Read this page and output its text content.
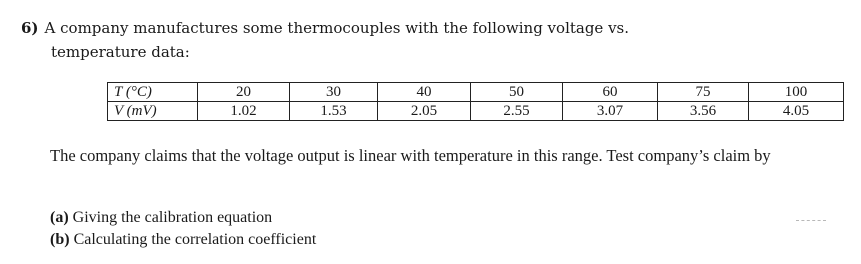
6) A company manufactures some thermocouples with the following voltage vs.
temperature data:
T (°C)	20	30	40	50	60	75	100
V (mV)	1.02	1.53	2.05	2.55	3.07	3.56	4.05
The company claims that the voltage output is linear with temperature in this range. Test company’s claim by
(a) Giving the calibration equation
(b) Calculating the correlation coefficient
